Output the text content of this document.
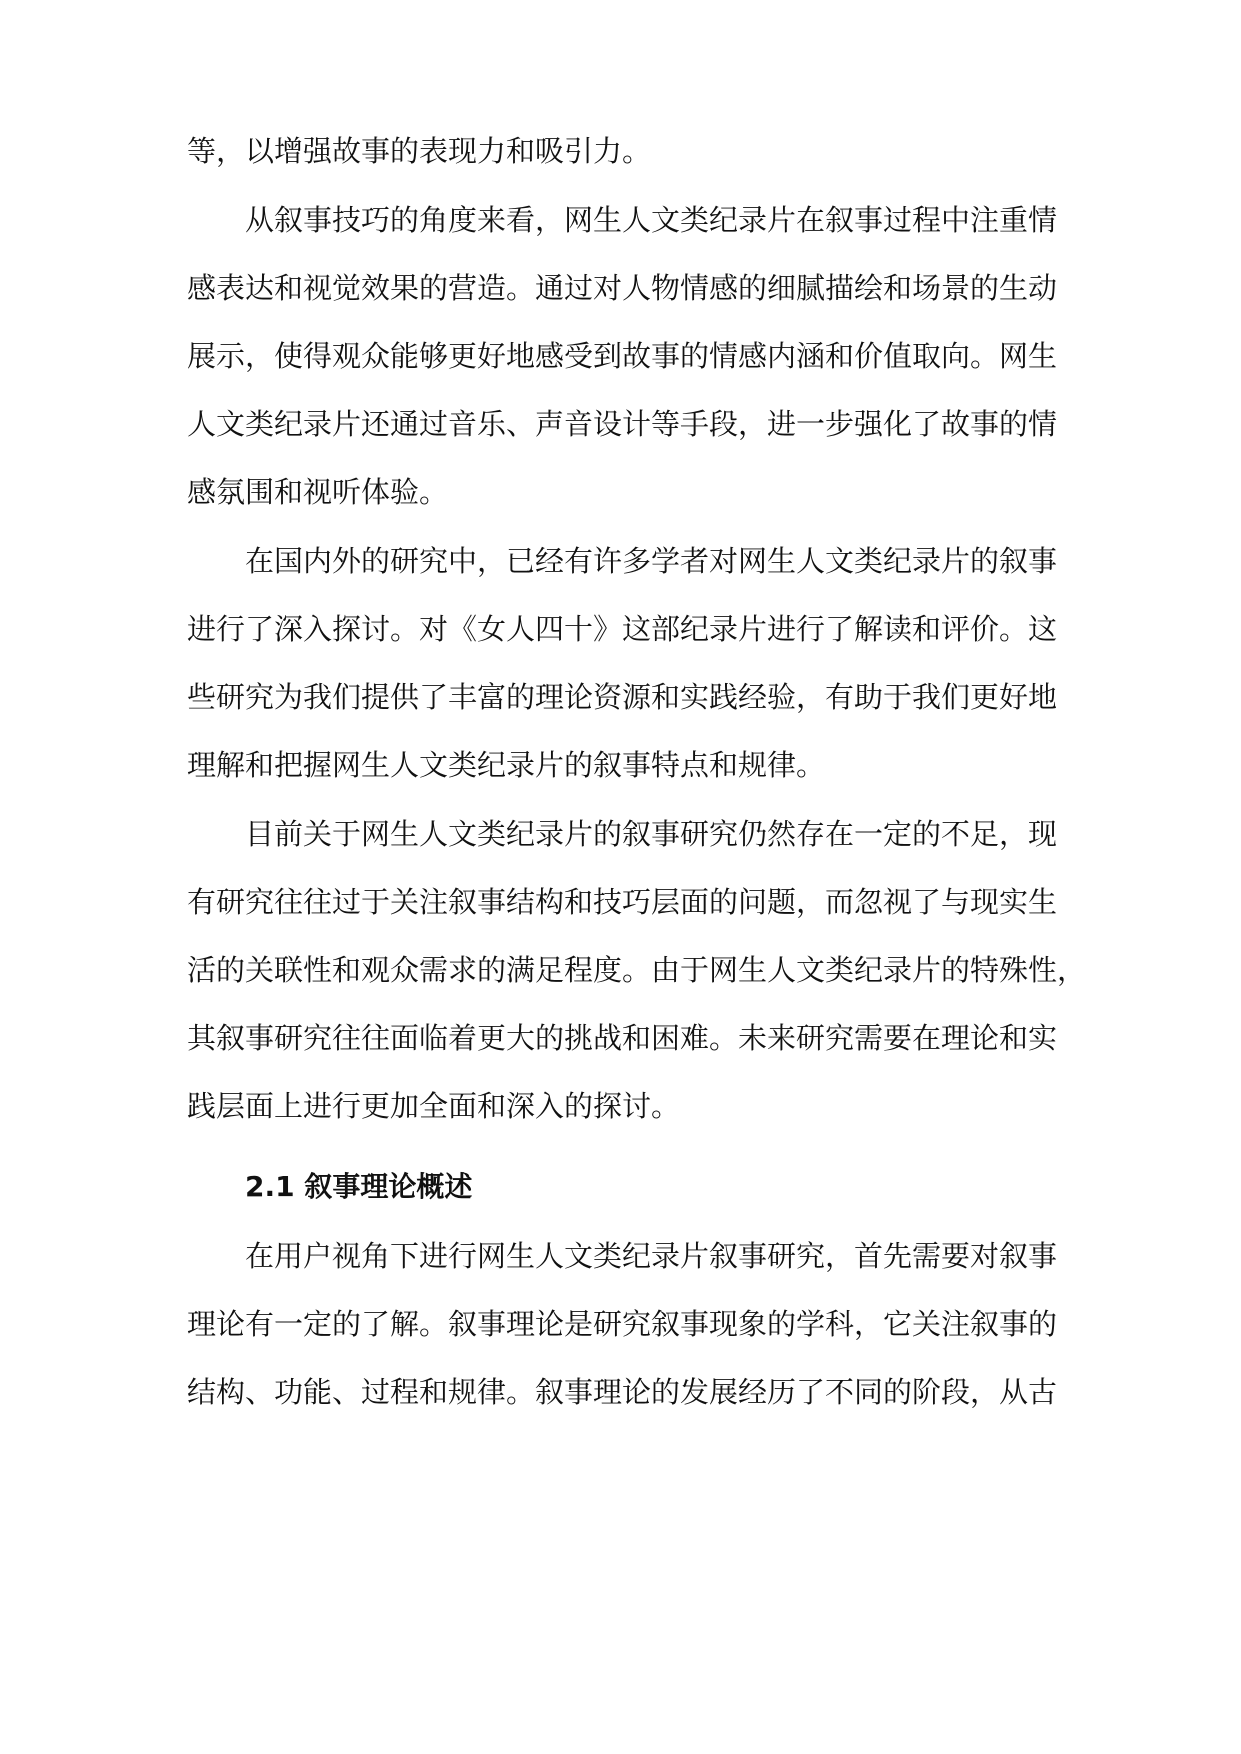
等，以增强故事的表现力和吸引力。
从叙事技巧的角度来看，网生人文类纪录片在叙事过程中注重情
感表达和视觉效果的营造。通过对人物情感的细腻描绘和场景的生动
展示，使得观众能够更好地感受到故事的情感内涵和价值取向。网生
人文类纪录片还通过音乐、声音设计等手段，进一步强化了故事的情
感氛围和视听体验。
在国内外的研究中，已经有许多学者对网生人文类纪录片的叙事
进行了深入探讨。对《女人四十》这部纪录片进行了解读和评价。这
些研究为我们提供了丰富的理论资源和实践经验，有助于我们更好地
理解和把握网生人文类纪录片的叙事特点和规律。
目前关于网生人文类纪录片的叙事研究仍然存在一定的不足，现
有研究往往过于关注叙事结构和技巧层面的问题，而忽视了与现实生
活的关联性和观众需求的满足程度。由于网生人文类纪录片的特殊性，
其叙事研究往往面临着更大的挑战和困难。未来研究需要在理论和实
践层面上进行更加全面和深入的探讨。
2.1 叙事理论概述
在用户视角下进行网生人文类纪录片叙事研究，首先需要对叙事
理论有一定的了解。叙事理论是研究叙事现象的学科，它关注叙事的
结构、功能、过程和规律。叙事理论的发展经历了不同的阶段，从古
